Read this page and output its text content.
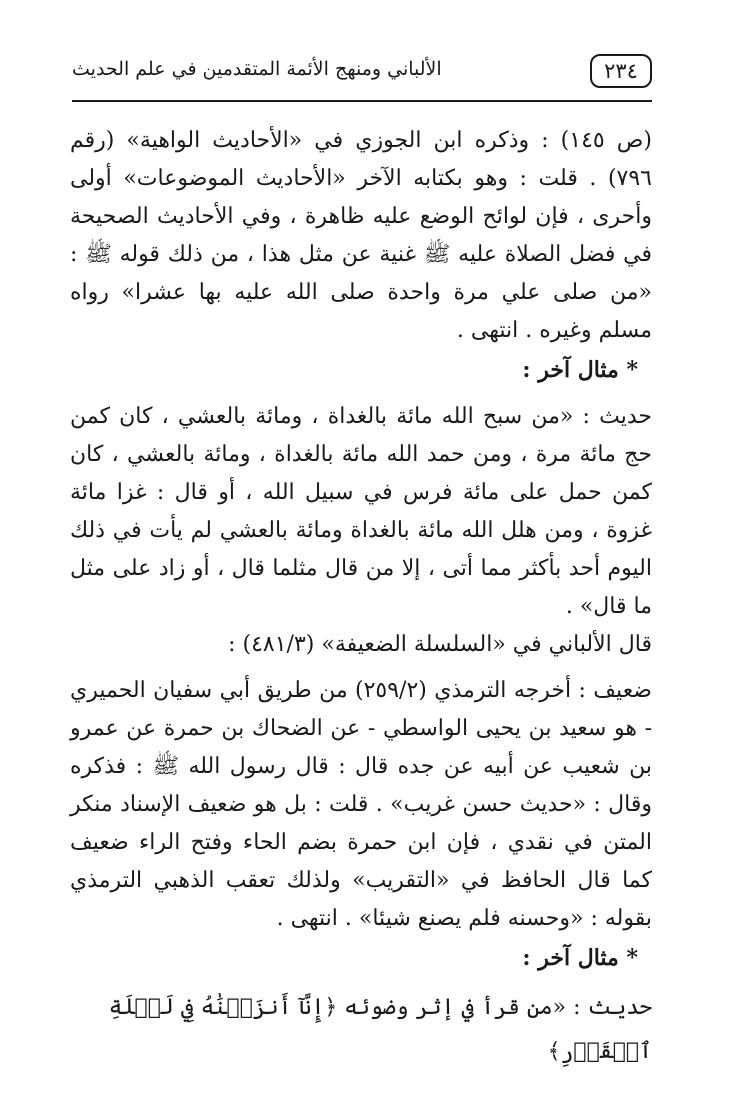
٢٣٤
الألباني ومنهج الأئمة المتقدمين في علم الحديث

(ص ١٤٥) : وذكره ابن الجوزي في «الأحاديث الواهية» (رقم ٧٩٦) . قلت : وهو بكتابه الآخر «الأحاديث الموضوعات» أولى وأحرى ، فإن لوائح الوضع عليه ظاهرة ، وفي الأحاديث الصحيحة في فضل الصلاة عليه ﷺ غنية عن مثل هذا ، من ذلك قوله ﷺ : «من صلى علي مرة واحدة صلى الله عليه بها عشرا» رواه مسلم وغيره . انتهى .

* مثال آخر :

حديث : «من سبح الله مائة بالغداة ، ومائة بالعشي ، كان كمن حج مائة مرة ، ومن حمد الله مائة بالغداة ، ومائة بالعشي ، كان كمن حمل على مائة فرس في سبيل الله ، أو قال : غزا مائة غزوة ، ومن هلل الله مائة بالغداة ومائة بالعشي لم يأت في ذلك اليوم أحد بأكثر مما أتى ، إلا من قال مثلما قال ، أو زاد على مثل ما قال» .

قال الألباني في «السلسلة الضعيفة» (٤٨١/٣) :

ضعيف : أخرجه الترمذي (٢٥٩/٢) من طريق أبي سفيان الحميري - هو سعيد بن يحيى الواسطي - عن الضحاك بن حمرة عن عمرو بن شعيب عن أبيه عن جده قال : قال رسول الله ﷺ : فذكره وقال : «حديث حسن غريب» . قلت : بل هو ضعيف الإسناد منكر المتن في نقدي ، فإن ابن حمرة بضم الحاء وفتح الراء ضعيف كما قال الحافظ في «التقريب» ولذلك تعقب الذهبي الترمذي بقوله : «وحسنه فلم يصنع شيئا» . انتهى .

* مثال آخر :

حديث : «من قرأ في إثر وضوئه ﴿إِنَّآ أَنزَلۡنَٰهُ فِي لَيۡلَةِ ٱلۡقَدۡرِ﴾
